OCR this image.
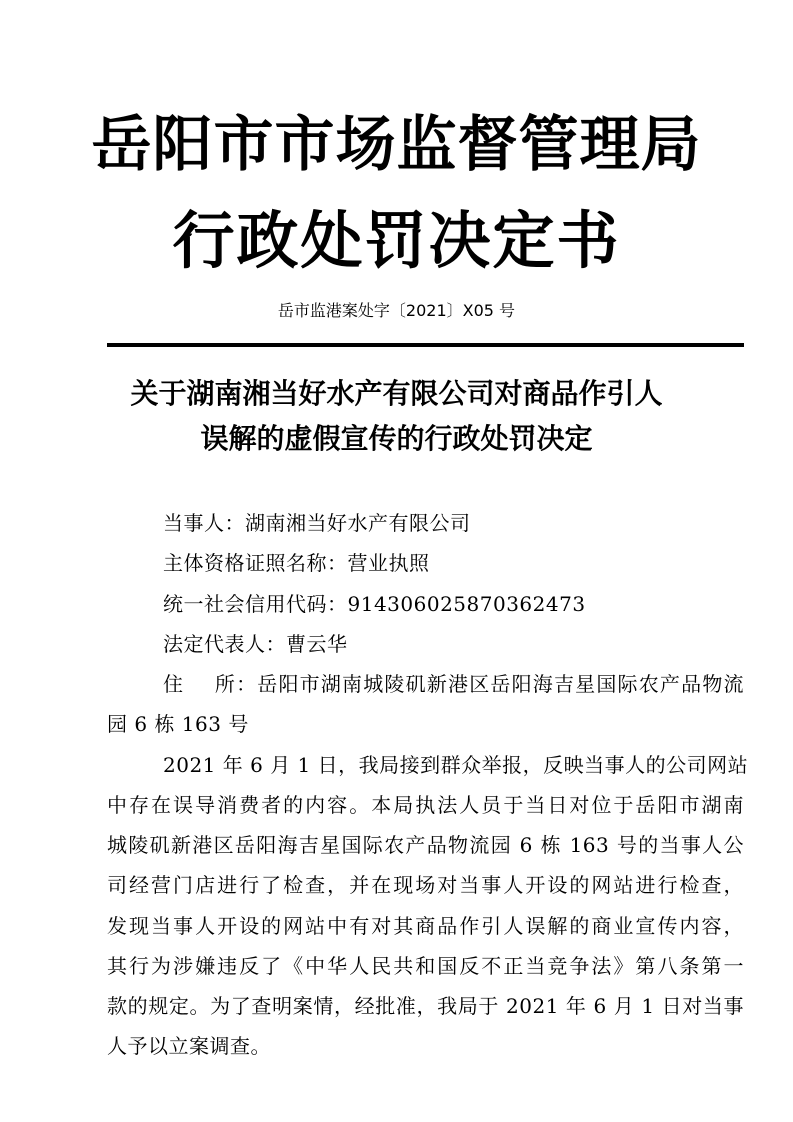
岳阳市市场监督管理局
行政处罚决定书
岳市监港案处字〔2021〕X05 号
关于湖南湘当好水产有限公司对商品作引人
误解的虚假宣传的行政处罚决定
当事人：湖南湘当好水产有限公司
主体资格证照名称：营业执照
统一社会信用代码：914306025870362473
法定代表人：曹云华
住 所：岳阳市湖南城陵矶新港区岳阳海吉星国际农产品物流
园 6 栋 163 号
2021 年 6 月 1 日，我局接到群众举报，反映当事人的公司网站
中存在误导消费者的内容。本局执法人员于当日对位于岳阳市湖南
城陵矶新港区岳阳海吉星国际农产品物流园 6 栋 163 号的当事人公
司经营门店进行了检查，并在现场对当事人开设的网站进行检查，
发现当事人开设的网站中有对其商品作引人误解的商业宣传内容，
其行为涉嫌违反了《中华人民共和国反不正当竞争法》第八条第一
款的规定。为了查明案情，经批准，我局于 2021 年 6 月 1 日对当事
人予以立案调查。
